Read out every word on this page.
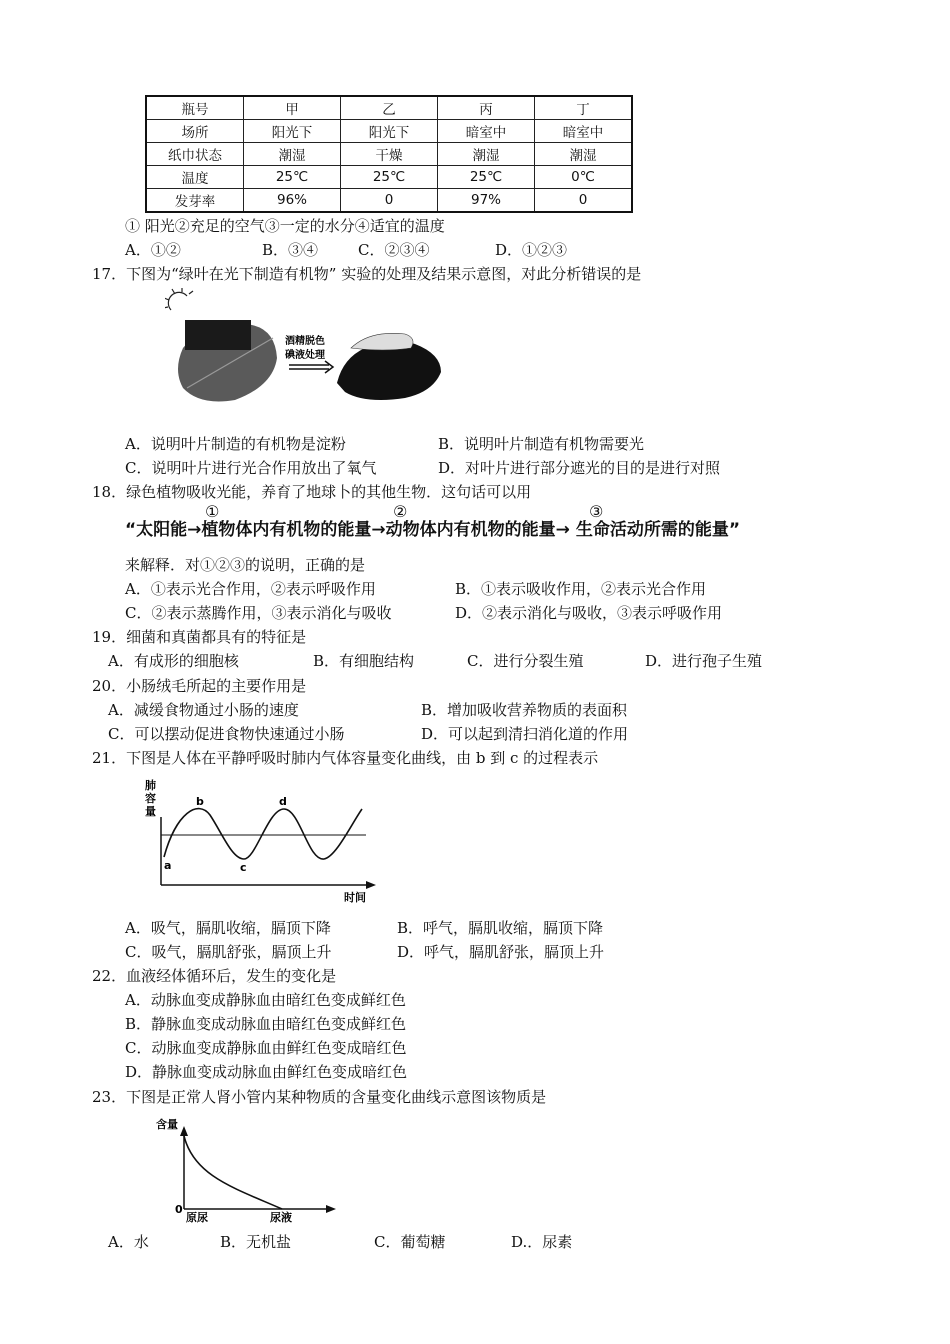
瓶号	甲	乙	丙	丁
场所	阳光下	阳光下	暗室中	暗室中
纸巾状态	潮湿	干燥	潮湿	潮湿
温度	25℃	25℃	25℃	0℃
发芽率	96%	0	97%	0
① 阳光②充足的空气③一定的水分④适宜的温度
A．①②	B．③④	C．②③④	D．①②③
17．下图为“绿叶在光下制造有机物” 实验的处理及结果示意图，对此分析错误的是
酒精脱色
碘液处理
A．说明叶片制造的有机物是淀粉	B．说明叶片制造有机物需要光
C．说明叶片进行光合作用放出了氧气	D．对叶片进行部分遮光的目的是进行对照
18．绿色植物吸收光能，养育了地球卜的其他生物．这句话可以用
①	②	③
“太阳能→植物体内有机物的能量→动物体内有机物的能量→ 生命活动所需的能量”
来解释．对①②③的说明，正确的是
A．①表示光合作用，②表示呼吸作用	B．①表示吸收作用，②表示光合作用
C．②表示蒸腾作用，③表示消化与吸收	D．②表示消化与吸收，③表示呼吸作用
19．细菌和真菌都具有的特征是
A．有成形的细胞核	B．有细胞结构	C．进行分裂生殖	D．进行孢子生殖
20．小肠绒毛所起的主要作用是
A．减缓食物通过小肠的速度	B．增加吸收营养物质的表面积
C．可以摆动促进食物快速通过小肠	D．可以起到清扫消化道的作用
21．下图是人体在平静呼吸时肺内气体容量变化曲线，由 b 到 c 的过程表示
肺
容
量
a
b
c
d
时间
A．吸气，膈肌收缩，膈顶下降	B．呼气，膈肌收缩，膈顶下降
C．吸气，膈肌舒张，膈顶上升	D．呼气，膈肌舒张，膈顶上升
22．血液经体循环后，发生的变化是
A．动脉血变成静脉血由暗红色变成鲜红色
B．静脉血变成动脉血由暗红色变成鲜红色
C．动脉血变成静脉血由鲜红色变成暗红色
D．静脉血变成动脉血由鲜红色变成暗红色
23．下图是正常人肾小管内某种物质的含量变化曲线示意图该物质是
含量
0
原尿	尿液
A．水	B．无机盐	C．葡萄糖	D.．尿素
